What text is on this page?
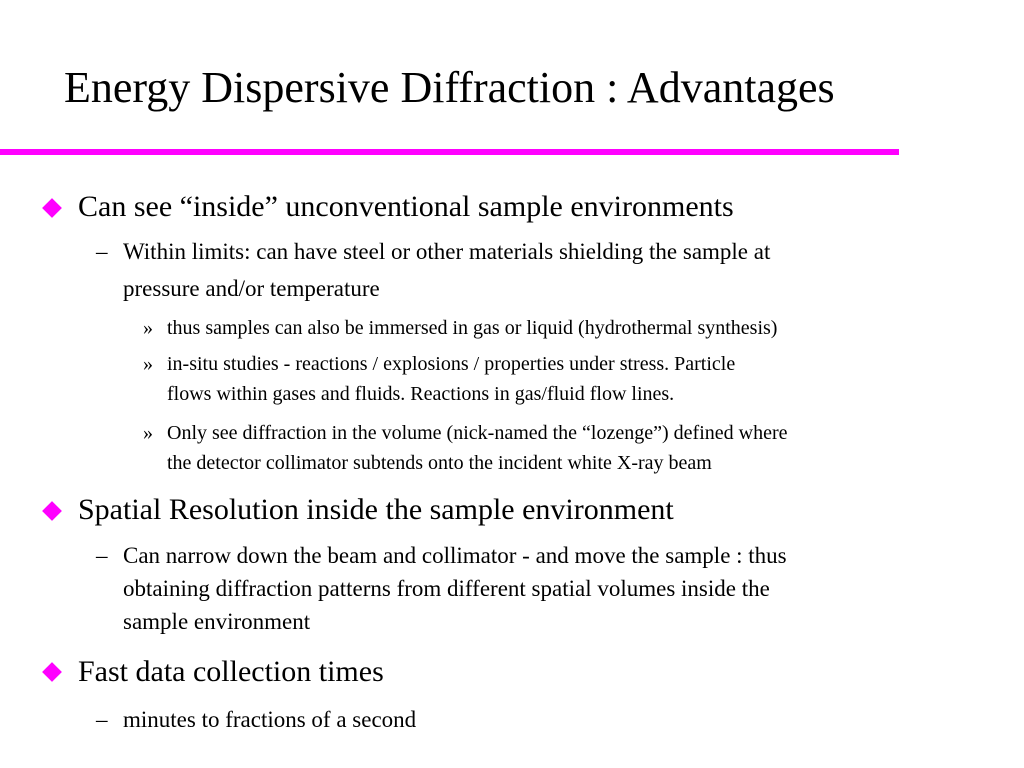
Energy Dispersive Diffraction : Advantages
Can see “inside” unconventional sample environments
– Within limits: can have steel or other materials shielding the sample at
pressure and/or temperature
» thus samples can also be immersed in gas or liquid (hydrothermal synthesis)
» in-situ studies - reactions / explosions / properties under stress. Particle
flows within gases and fluids. Reactions in gas/fluid flow lines.
» Only see diffraction in the volume (nick-named the “lozenge”) defined where
the detector collimator subtends onto the incident white X-ray beam
Spatial Resolution inside the sample environment
– Can narrow down the beam and collimator - and move the sample : thus
obtaining diffraction patterns from different spatial volumes inside the
sample environment
Fast data collection times
– minutes to fractions of a second
